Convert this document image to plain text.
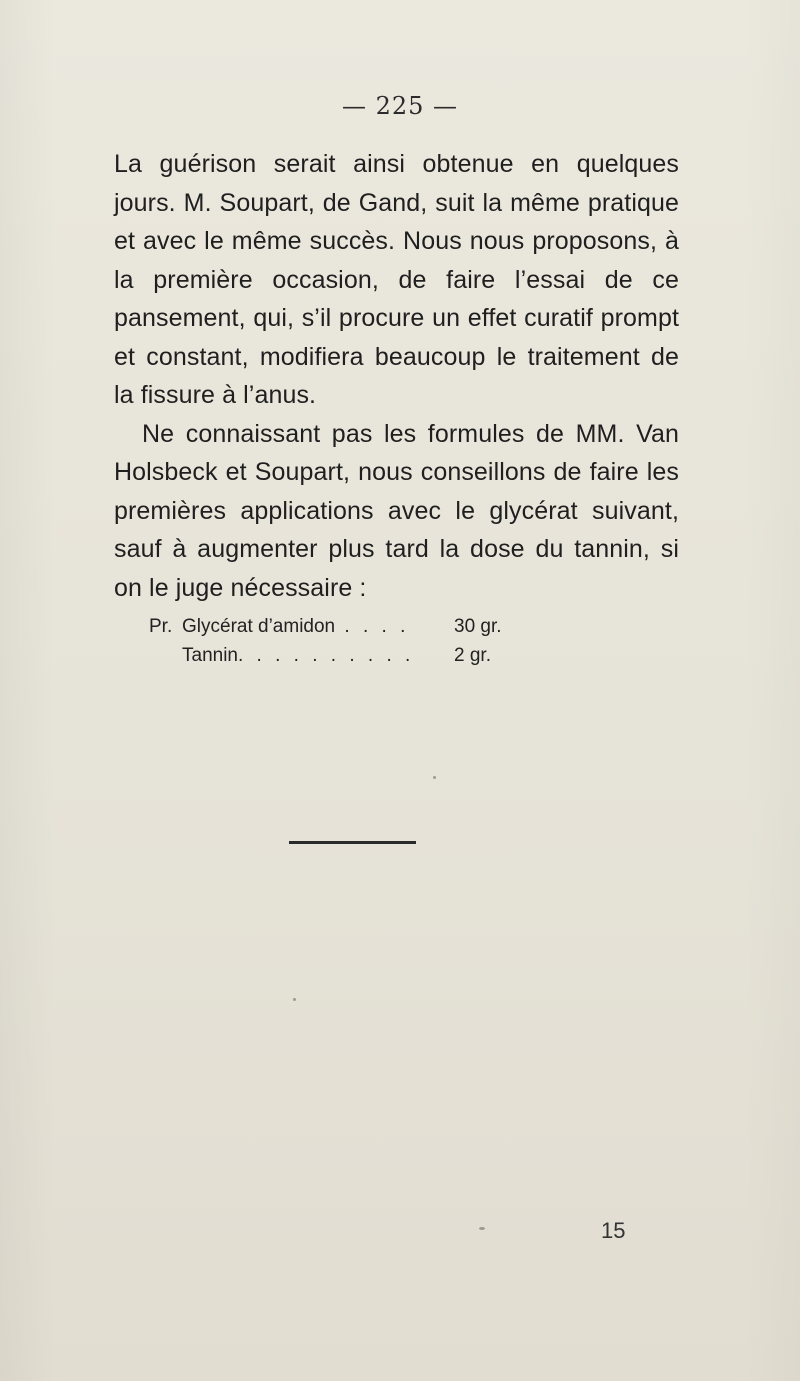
— 225 —

La guérison serait ainsi obtenue en quelques jours. M. Soupart, de Gand, suit la même pratique et avec le même succès. Nous nous proposons, à la première occasion, de faire l’essai de ce pansement, qui, s’il procure un effet curatif prompt et constant, modifiera beaucoup le traitement de la fissure à l’anus.

Ne connaissant pas les formules de MM. Van Holsbeck et Soupart, nous conseillons de faire les premières applications avec le glycérat suivant, sauf à augmenter plus tard la dose du tannin, si on le juge nécessaire :

Pr. Glycérat d’amidon . . . .	30 gr.
Tannin. . . . . . . . . .	2 gr.
15
